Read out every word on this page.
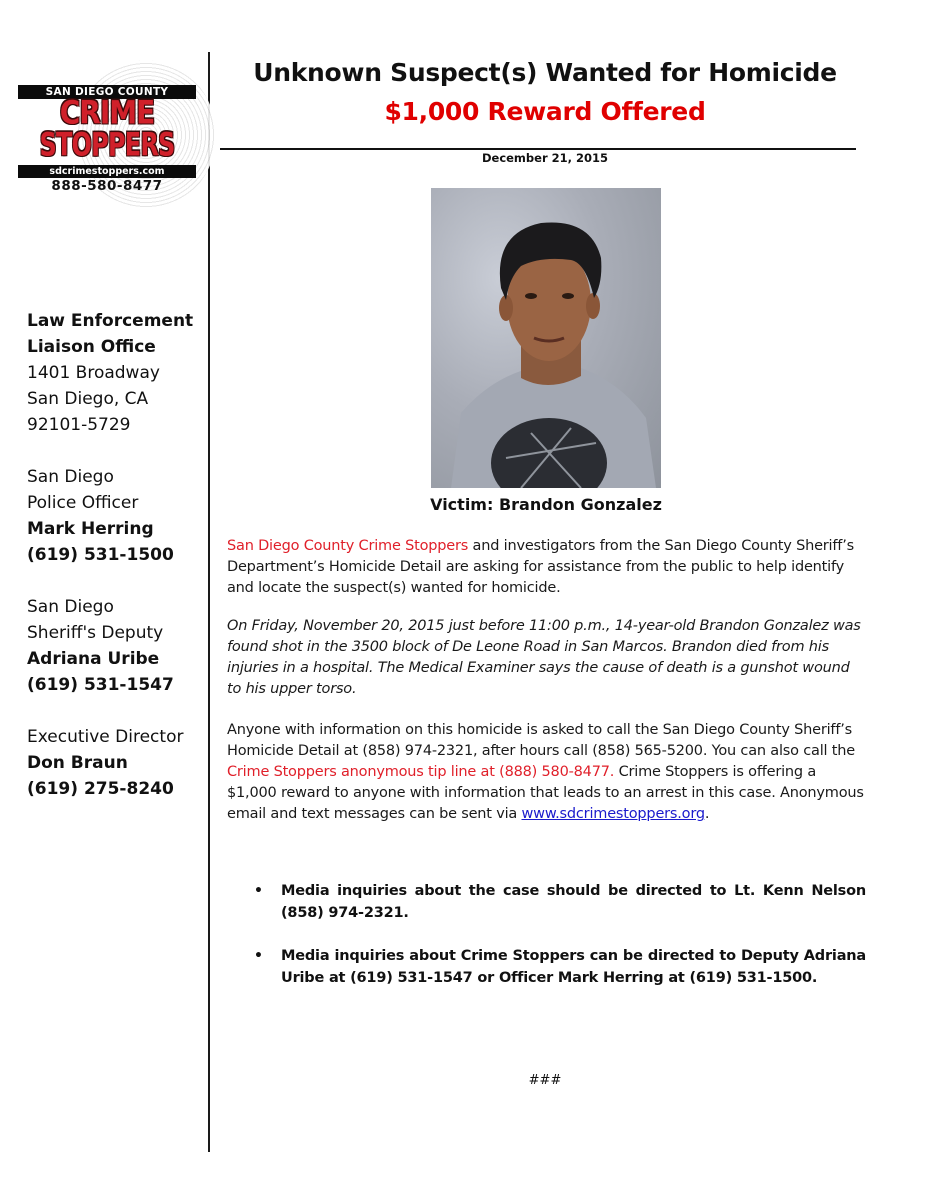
SAN DIEGO COUNTY
CRIME
STOPPERS
sdcrimestoppers.com
888-580-8477
Law Enforcement
Liaison Office
1401 Broadway
San Diego, CA
92101-5729
San Diego
Police Officer
Mark Herring
(619) 531-1500
San Diego
Sheriff's Deputy
Adriana Uribe
(619) 531-1547
Executive Director
Don Braun
(619) 275-8240
Unknown Suspect(s) Wanted for Homicide
$1,000 Reward Offered
December 21, 2015
Victim: Brandon Gonzalez
San Diego County Crime Stoppers and investigators from the San Diego County Sheriff’s Department’s Homicide Detail are asking for assistance from the public to help identify and locate the suspect(s) wanted for homicide.
On Friday, November 20, 2015 just before 11:00 p.m., 14-year-old Brandon Gonzalez was found shot in the 3500 block of De Leone Road in San Marcos. Brandon died from his injuries in a hospital. The Medical Examiner says the cause of death is a gunshot wound to his upper torso.
Anyone with information on this homicide is asked to call the San Diego County Sheriff’s Homicide Detail at (858) 974-2321, after hours call (858) 565-5200. You can also call the Crime Stoppers anonymous tip line at (888) 580-8477. Crime Stoppers is offering a $1,000 reward to anyone with information that leads to an arrest in this case. Anonymous email and text messages can be sent via www.sdcrimestoppers.org.
• Media inquiries about the case should be directed to Lt. Kenn Nelson (858) 974-2321.
• Media inquiries about Crime Stoppers can be directed to Deputy Adriana Uribe at (619) 531-1547 or Officer Mark Herring at (619) 531-1500.
###
